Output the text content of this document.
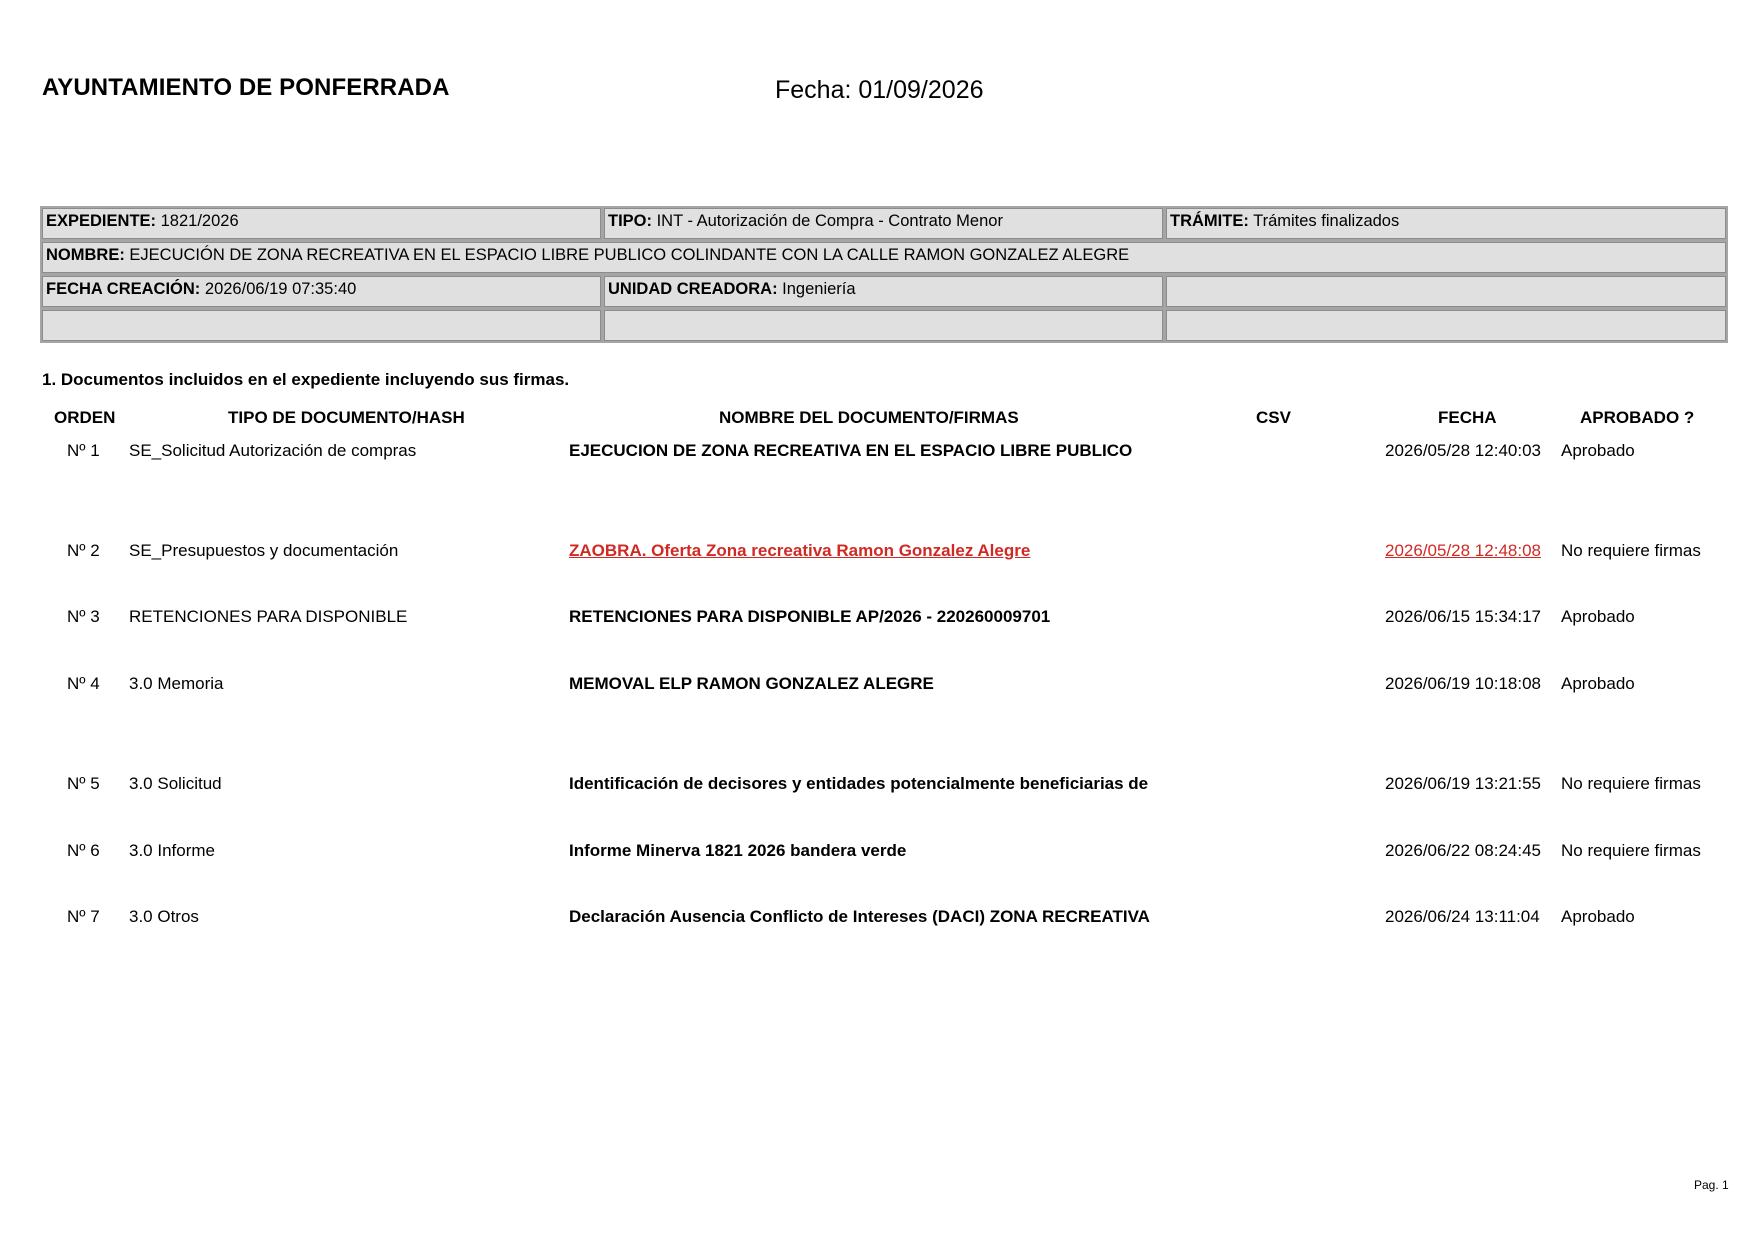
AYUNTAMIENTO DE PONFERRADA	Fecha: 01/09/2026
EXPEDIENTE: 1821/2026	TIPO: INT - Autorización de Compra - Contrato Menor	TRÁMITE: Trámites finalizados
NOMBRE: EJECUCIÓN DE ZONA RECREATIVA EN EL ESPACIO LIBRE PUBLICO COLINDANTE CON LA CALLE RAMON GONZALEZ ALEGRE
FECHA CREACIÓN: 2026/06/19 07:35:40	UNIDAD CREADORA: Ingeniería
1. Documentos incluidos en el expediente incluyendo sus firmas.
ORDEN	TIPO DE DOCUMENTO/HASH	NOMBRE DEL DOCUMENTO/FIRMAS	CSV	FECHA	APROBADO ?
Nº 1 SE_Solicitud Autorización de compras	EJECUCION DE ZONA RECREATIVA EN EL ESPACIO LIBRE PUBLICO	2026/05/28 12:40:03 Aprobado
Nº 2 SE_Presupuestos y documentación	ZAOBRA. Oferta Zona recreativa Ramon Gonzalez Alegre	2026/05/28 12:48:08 No requiere firmas
Nº 3 RETENCIONES PARA DISPONIBLE	RETENCIONES PARA DISPONIBLE AP/2026 - 220260009701	2026/06/15 15:34:17 Aprobado
Nº 4 3.0 Memoria	MEMOVAL ELP RAMON GONZALEZ ALEGRE	2026/06/19 10:18:08 Aprobado
Nº 5 3.0 Solicitud	Identificación de decisores y entidades potencialmente beneficiarias de	2026/06/19 13:21:55 No requiere firmas
Nº 6 3.0 Informe	Informe Minerva 1821 2026 bandera verde	2026/06/22 08:24:45 No requiere firmas
Nº 7 3.0 Otros	Declaración Ausencia Conflicto de Intereses (DACI) ZONA RECREATIVA	2026/06/24 13:11:04 Aprobado
Pag. 1
